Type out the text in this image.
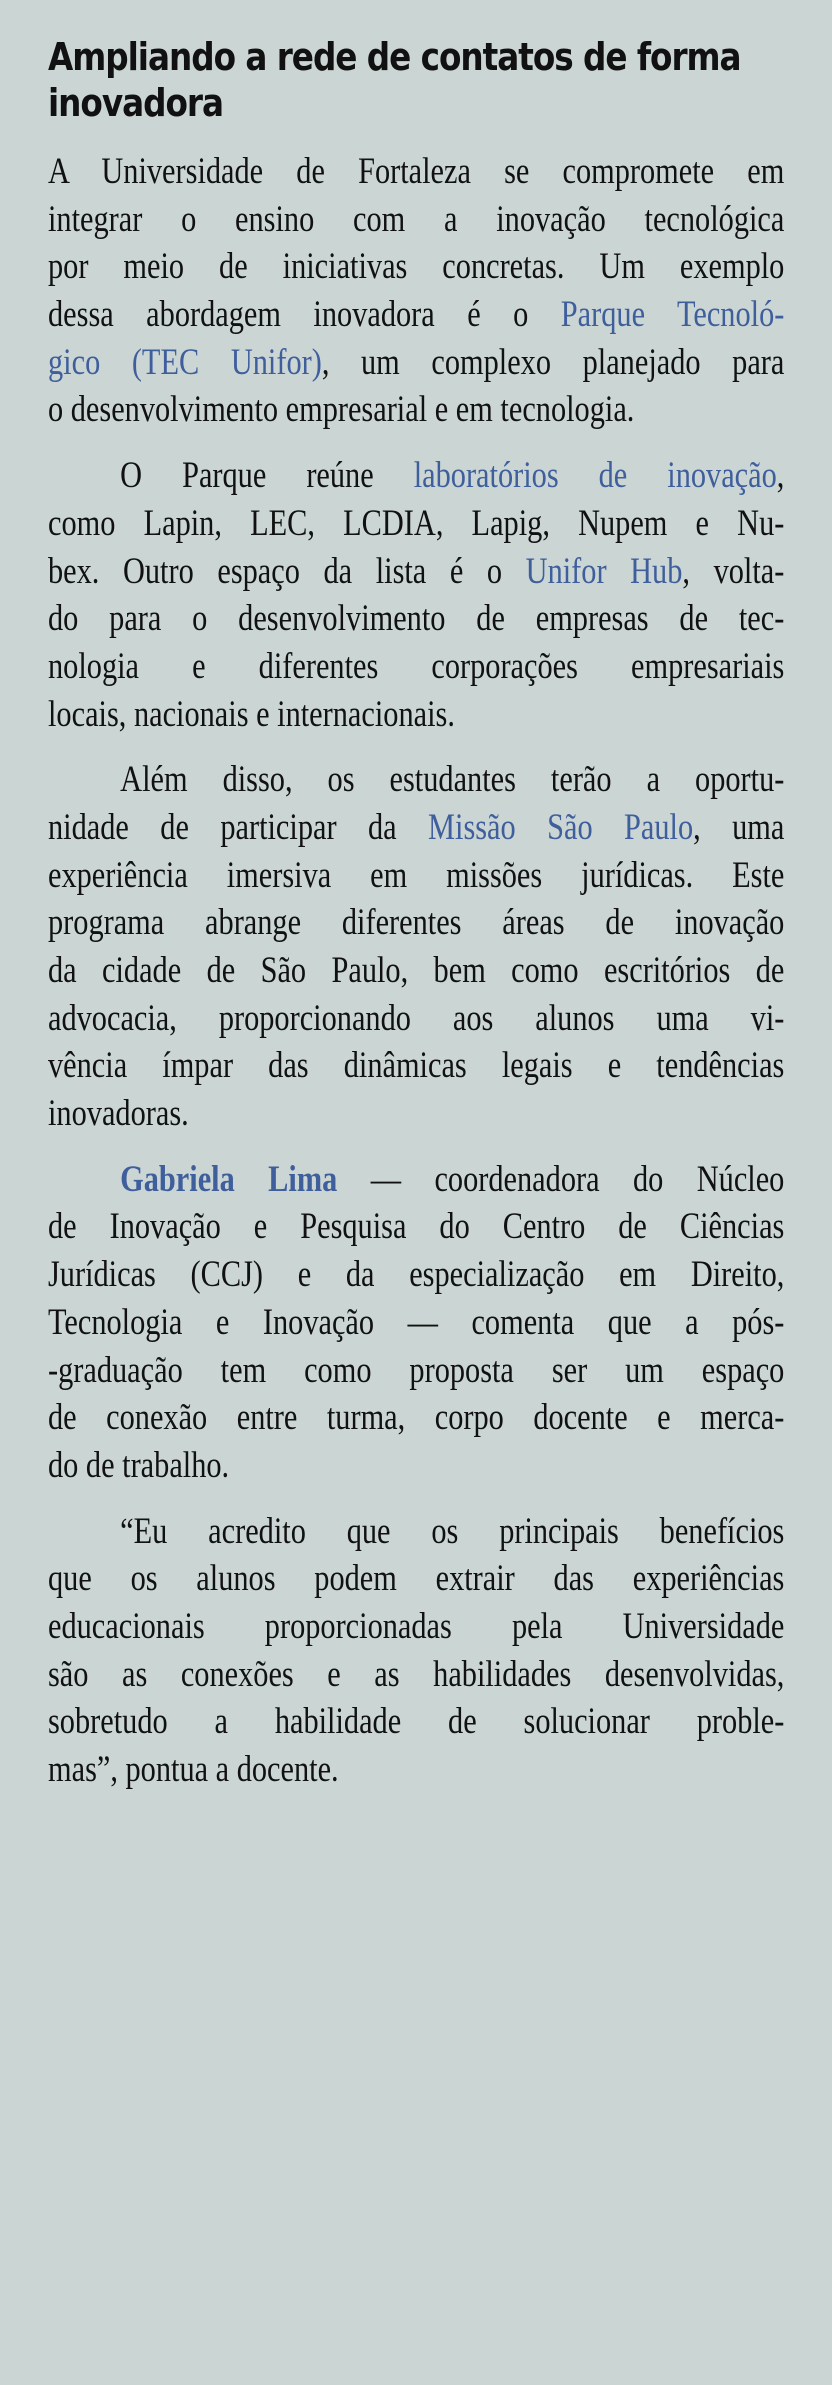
Ampliando a rede de contatos de forma
inovadora

A Universidade de Fortaleza se compromete em
integrar o ensino com a inovação tecnológica
por meio de iniciativas concretas. Um exemplo
dessa abordagem inovadora é o Parque Tecnoló-
gico (TEC Unifor), um complexo planejado para
o desenvolvimento empresarial e em tecnologia.

O Parque reúne laboratórios de inovação,
como Lapin, LEC, LCDIA, Lapig, Nupem e Nu-
bex. Outro espaço da lista é o Unifor Hub, volta-
do para o desenvolvimento de empresas de tec-
nologia e diferentes corporações empresariais
locais, nacionais e internacionais.

Além disso, os estudantes terão a oportu-
nidade de participar da Missão São Paulo, uma
experiência imersiva em missões jurídicas. Este
programa abrange diferentes áreas de inovação
da cidade de São Paulo, bem como escritórios de
advocacia, proporcionando aos alunos uma vi-
vência ímpar das dinâmicas legais e tendências
inovadoras.

Gabriela Lima — coordenadora do Núcleo
de Inovação e Pesquisa do Centro de Ciências
Jurídicas (CCJ) e da especialização em Direito,
Tecnologia e Inovação — comenta que a pós-
-graduação tem como proposta ser um espaço
de conexão entre turma, corpo docente e merca-
do de trabalho.

“Eu acredito que os principais benefícios
que os alunos podem extrair das experiências
educacionais proporcionadas pela Universidade
são as conexões e as habilidades desenvolvidas,
sobretudo a habilidade de solucionar proble-
mas”, pontua a docente.
